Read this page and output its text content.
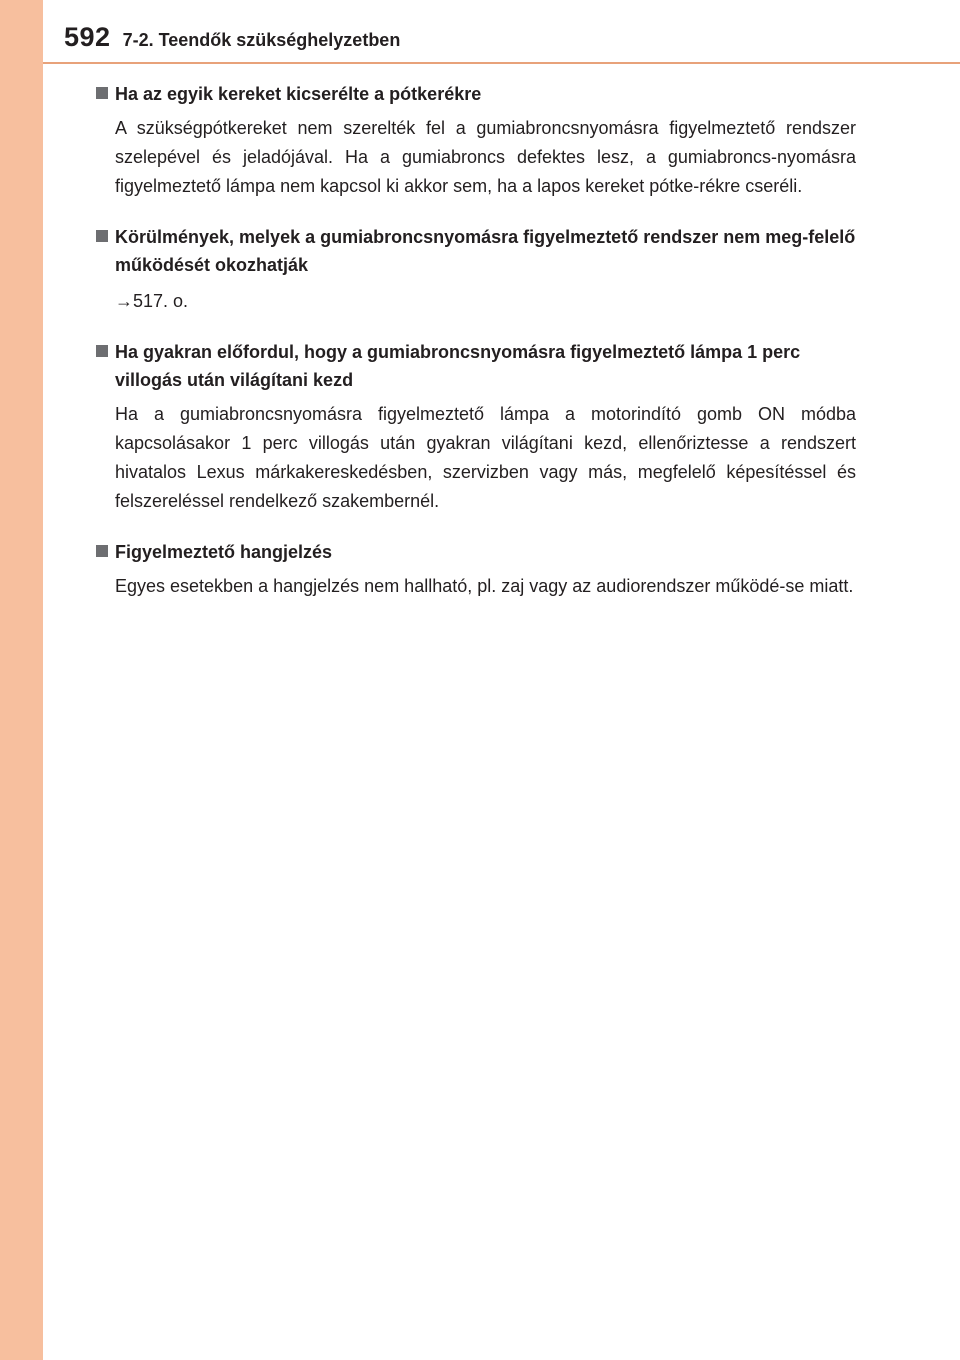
592 7-2. Teendők szükséghelyzetben
Ha az egyik kereket kicserélte a pótkerékre
A szükségpótkereket nem szerelték fel a gumiabroncsnyomásra figyelmeztető rendszer szelepével és jeladójával. Ha a gumiabroncs defektes lesz, a gumiabroncs-nyomásra figyelmeztető lámpa nem kapcsol ki akkor sem, ha a lapos kereket pótke-rékre cseréli.
Körülmények, melyek a gumiabroncsnyomásra figyelmeztető rendszer nem meg-felelő működését okozhatják
→517. o.
Ha gyakran előfordul, hogy a gumiabroncsnyomásra figyelmeztető lámpa 1 perc villogás után világítani kezd
Ha a gumiabroncsnyomásra figyelmeztető lámpa a motorindító gomb ON módba kapcsolásakor 1 perc villogás után gyakran világítani kezd, ellenőriztesse a rendszert hivatalos Lexus márkakereskedésben, szervizben vagy más, megfelelő képesítéssel és felszereléssel rendelkező szakembernél.
Figyelmeztető hangjelzés
Egyes esetekben a hangjelzés nem hallható, pl. zaj vagy az audiorendszer működé-se miatt.
